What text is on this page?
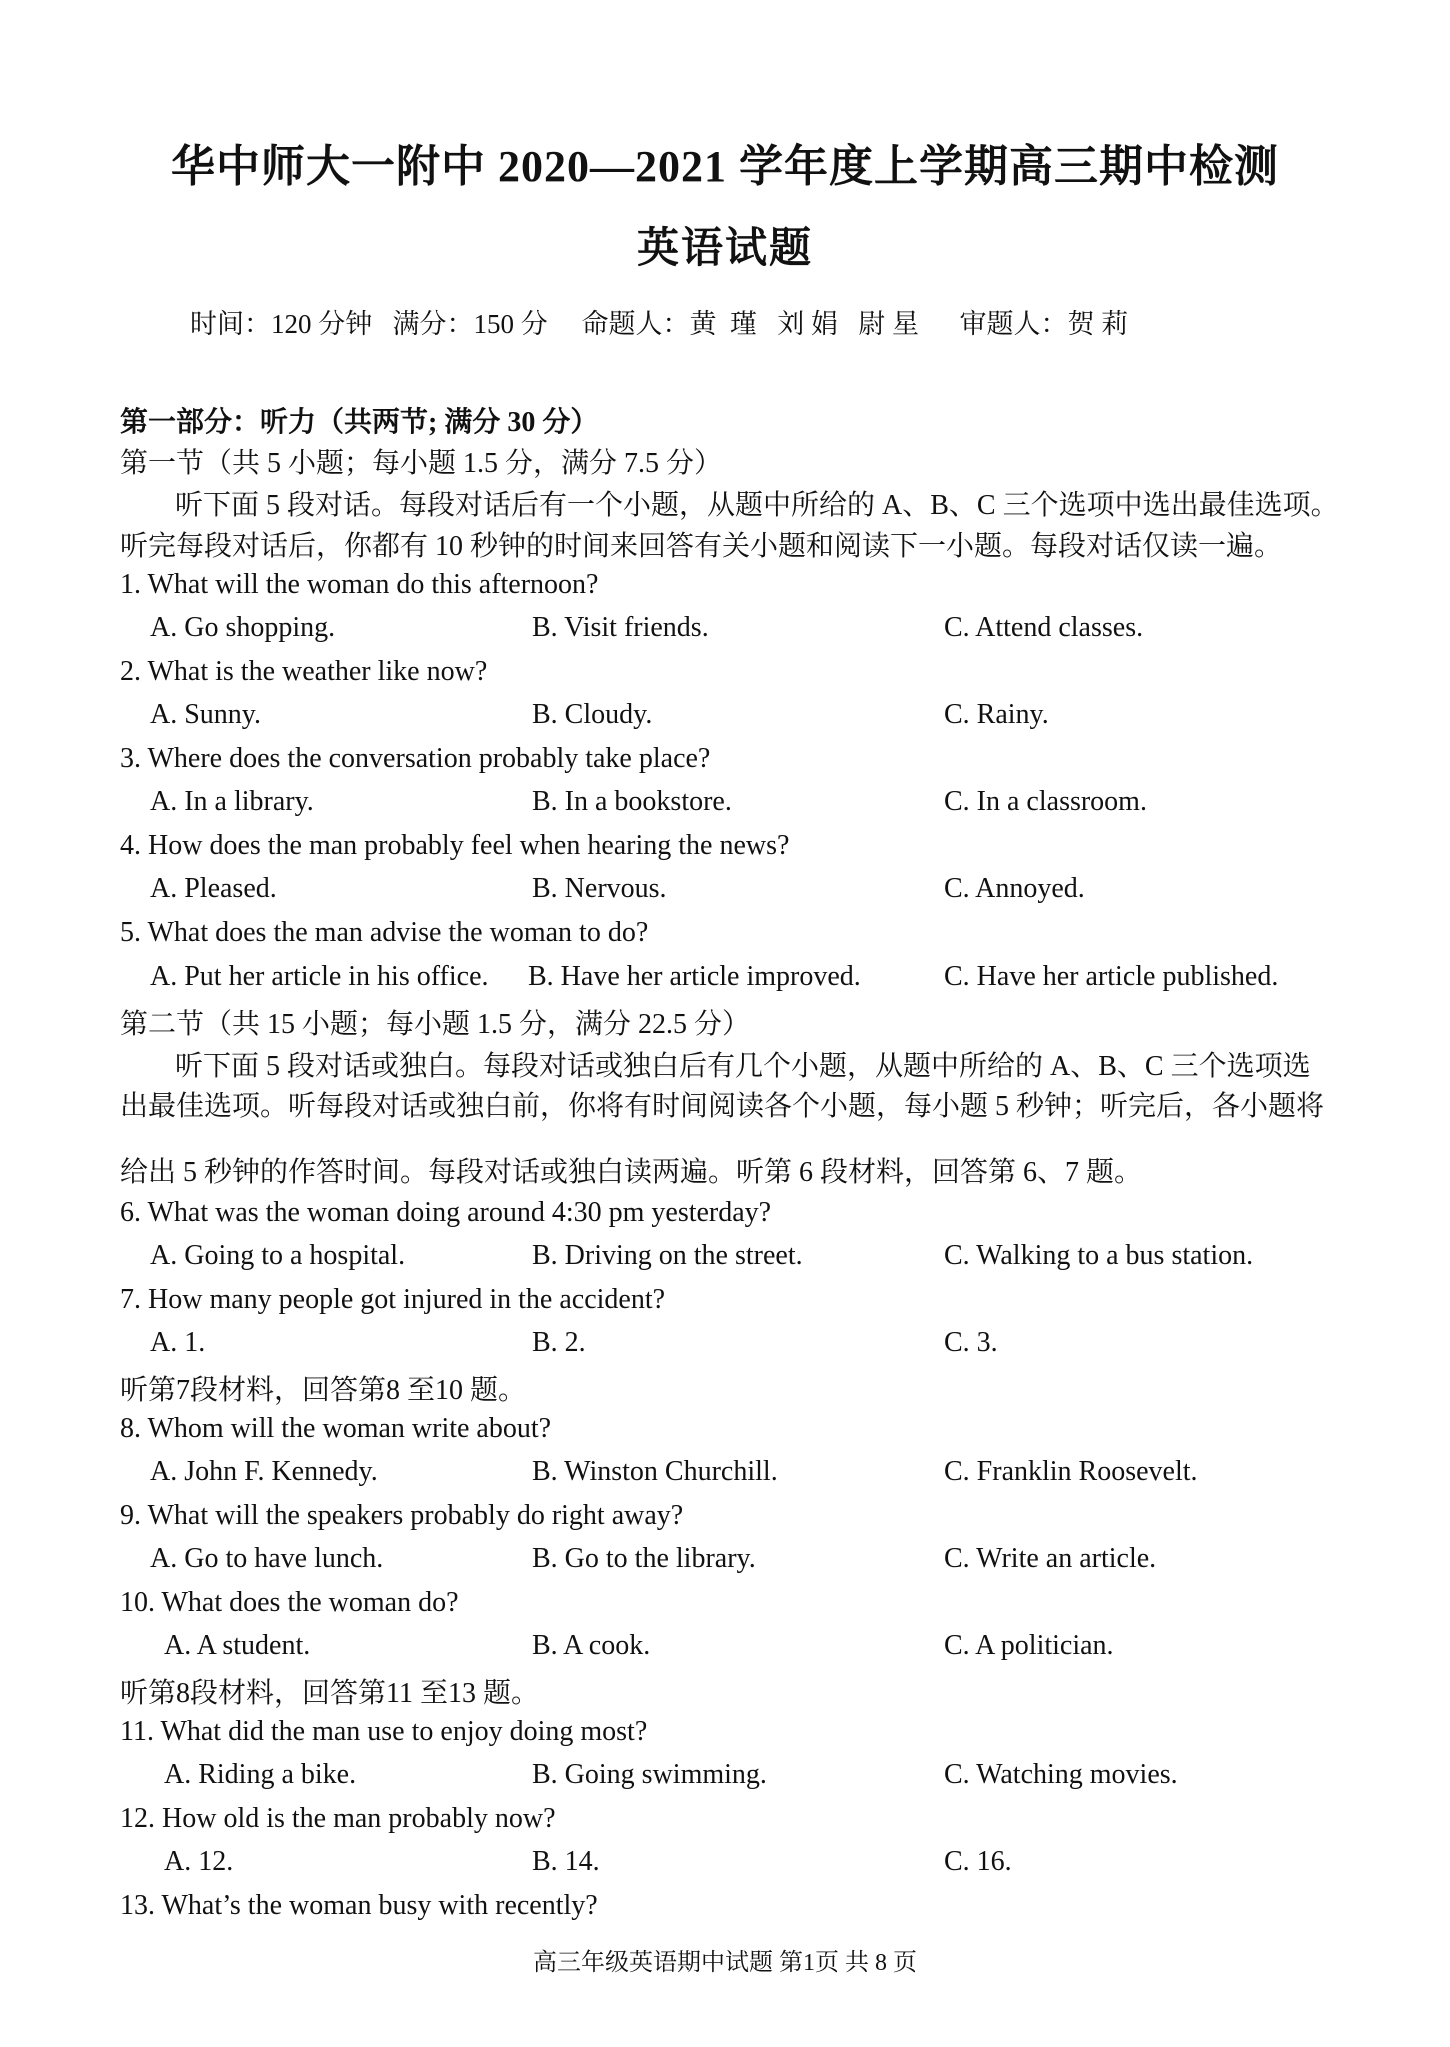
华中师大一附中 2020—2021 学年度上学期高三期中检测
英语试题
时间：120 分钟   满分：150 分     命题人：黄  瑾   刘 娟   尉 星      审题人：贺 莉
第一部分：听力（共两节; 满分 30 分）
第一节（共 5 小题；每小题 1.5 分，满分 7.5 分）
听下面 5 段对话。每段对话后有一个小题，从题中所给的 A、B、C 三个选项中选出最佳选项。
听完每段对话后，你都有 10 秒钟的时间来回答有关小题和阅读下一小题。每段对话仅读一遍。
1. What will the woman do this afternoon?
A. Go shopping.	B. Visit friends.	C. Attend classes.
2. What is the weather like now?
A. Sunny.	B. Cloudy.	C. Rainy.
3. Where does the conversation probably take place?
A. In a library.	B. In a bookstore.	C. In a classroom.
4. How does the man probably feel when hearing the news?
A. Pleased.	B. Nervous.	C. Annoyed.
5. What does the man advise the woman to do?
A. Put her article in his office. B. Have her article improved.	C. Have her article published.
第二节（共 15 小题；每小题 1.5 分，满分 22.5 分）
听下面 5 段对话或独白。每段对话或独白后有几个小题，从题中所给的 A、B、C 三个选项选
出最佳选项。听每段对话或独白前，你将有时间阅读各个小题，每小题 5 秒钟；听完后，各小题将
给出 5 秒钟的作答时间。每段对话或独白读两遍。听第 6 段材料，回答第 6、7 题。
6. What was the woman doing around 4:30 pm yesterday?
A. Going to a hospital.	B. Driving on the street.	C. Walking to a bus station.
7. How many people got injured in the accident?
A. 1.	B. 2.	C. 3.
听第7段材料，回答第8 至10 题。
8. Whom will the woman write about?
A. John F. Kennedy.	B. Winston Churchill.	C. Franklin Roosevelt.
9. What will the speakers probably do right away?
A. Go to have lunch.	B. Go to the library.	C. Write an article.
10. What does the woman do?
A. A student.	B. A cook.	C. A politician.
听第8段材料，回答第11 至13 题。
11. What did the man use to enjoy doing most?
A. Riding a bike.	B. Going swimming.	C. Watching movies.
12. How old is the man probably now?
A. 12.	B. 14.	C. 16.
13. What’s the woman busy with recently?
高三年级英语期中试题 第1页 共 8 页
